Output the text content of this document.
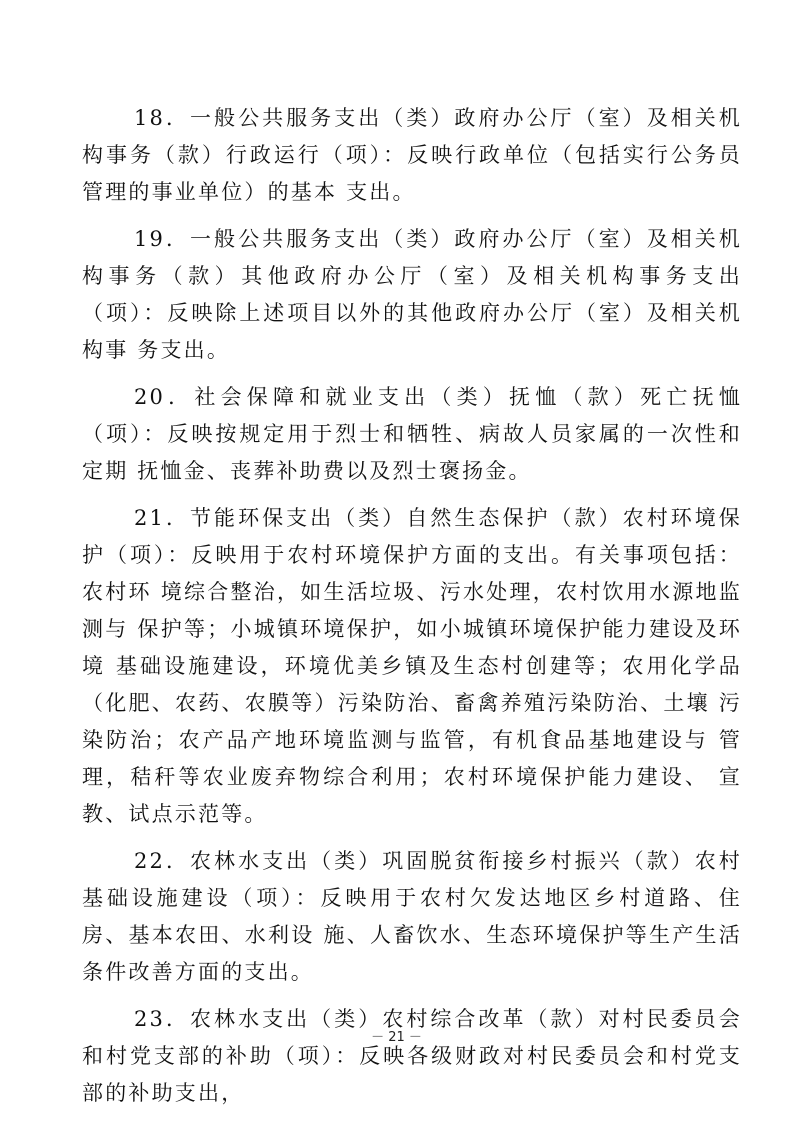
18．一般公共服务支出（类）政府办公厅（室）及相关机构事务（款）行政运行（项）：反映行政单位（包括实行公务员管理的事业单位）的基本 支出。

19．一般公共服务支出（类）政府办公厅（室）及相关机构事务（款）其他政府办公厅（室）及相关机构事务支出（项）：反映除上述项目以外的其他政府办公厅（室）及相关机构事 务支出。

20．社会保障和就业支出（类）抚恤（款）死亡抚恤（项）：反映按规定用于烈士和牺牲、病故人员家属的一次性和定期 抚恤金、丧葬补助费以及烈士褒扬金。

21．节能环保支出（类）自然生态保护（款）农村环境保护（项）：反映用于农村环境保护方面的支出。有关事项包括：农村环 境综合整治，如生活垃圾、污水处理，农村饮用水源地监测与 保护等；小城镇环境保护，如小城镇环境保护能力建设及环境 基础设施建设，环境优美乡镇及生态村创建等；农用化学品 （化肥、农药、农膜等）污染防治、畜禽养殖污染防治、土壤 污染防治；农产品产地环境监测与监管，有机食品基地建设与 管理，秸秆等农业废弃物综合利用；农村环境保护能力建设、 宣教、试点示范等。

22．农林水支出（类）巩固脱贫衔接乡村振兴（款）农村基础设施建设（项）：反映用于农村欠发达地区乡村道路、住房、基本农田、水利设 施、人畜饮水、生态环境保护等生产生活条件改善方面的支出。

23．农林水支出（类）农村综合改革（款）对村民委员会和村党支部的补助（项）：反映各级财政对村民委员会和村党支部的补助支出，

－ 21 －
